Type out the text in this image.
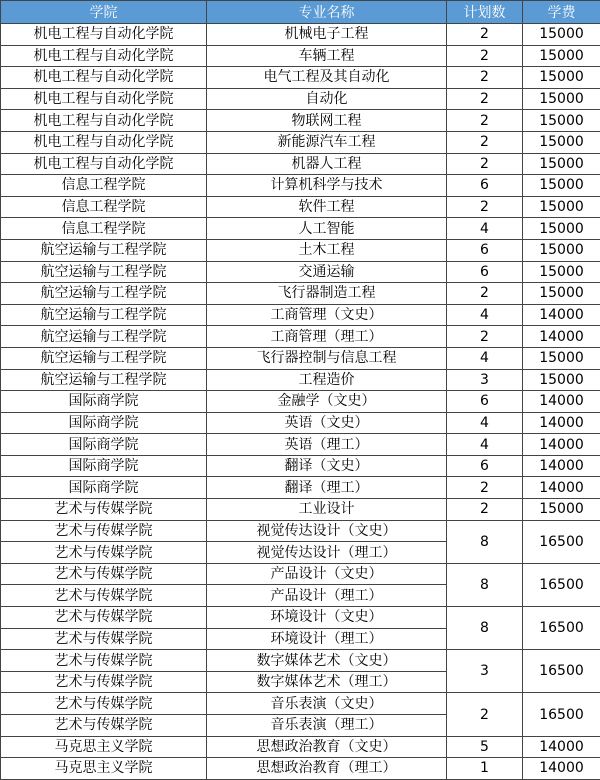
学院	专业名称	计划数	学费
机电工程与自动化学院	机械电子工程	2	15000
机电工程与自动化学院	车辆工程	2	15000
机电工程与自动化学院	电气工程及其自动化	2	15000
机电工程与自动化学院	自动化	2	15000
机电工程与自动化学院	物联网工程	2	15000
机电工程与自动化学院	新能源汽车工程	2	15000
机电工程与自动化学院	机器人工程	2	15000
信息工程学院	计算机科学与技术	6	15000
信息工程学院	软件工程	2	15000
信息工程学院	人工智能	4	15000
航空运输与工程学院	土木工程	6	15000
航空运输与工程学院	交通运输	6	15000
航空运输与工程学院	飞行器制造工程	2	15000
航空运输与工程学院	工商管理（文史）	4	14000
航空运输与工程学院	工商管理（理工）	2	14000
航空运输与工程学院	飞行器控制与信息工程	4	15000
航空运输与工程学院	工程造价	3	15000
国际商学院	金融学（文史）	6	14000
国际商学院	英语（文史）	4	14000
国际商学院	英语（理工）	4	14000
国际商学院	翻译（文史）	6	14000
国际商学院	翻译（理工）	2	14000
艺术与传媒学院	工业设计	2	15000
艺术与传媒学院	视觉传达设计（文史）	8	16500
艺术与传媒学院	视觉传达设计（理工）		
艺术与传媒学院	产品设计（文史）	8	16500
艺术与传媒学院	产品设计（理工）		
艺术与传媒学院	环境设计（文史）	8	16500
艺术与传媒学院	环境设计（理工）		
艺术与传媒学院	数字媒体艺术（文史）	3	16500
艺术与传媒学院	数字媒体艺术（理工）		
艺术与传媒学院	音乐表演（文史）	2	16500
艺术与传媒学院	音乐表演（理工）		
马克思主义学院	思想政治教育（文史）	5	14000
马克思主义学院	思想政治教育（理工）	1	14000
